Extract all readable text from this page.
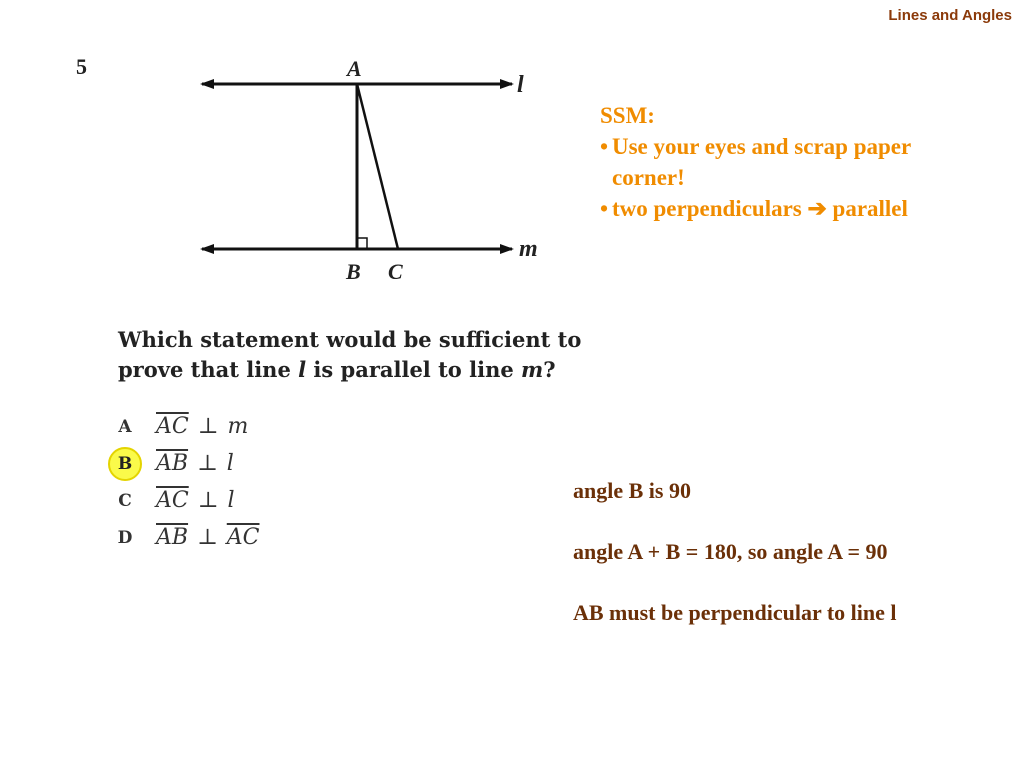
Lines and Angles
5	A
B C
l
m
SSM:
• Use your eyes and scrap paper
corner!
• two perpendiculars ➔ parallel
Which statement would be sufficient to
prove that line l is parallel to line m?
A	$\overline{AC}$ ⊥ m
B	$\overline{AB}$ ⊥ l
C	$\overline{AC}$ ⊥ l
D	$\overline{AB}$ ⊥ $\overline{AC}$
angle B is 90
angle A + B = 180, so angle A = 90
AB must be perpendicular to line l
